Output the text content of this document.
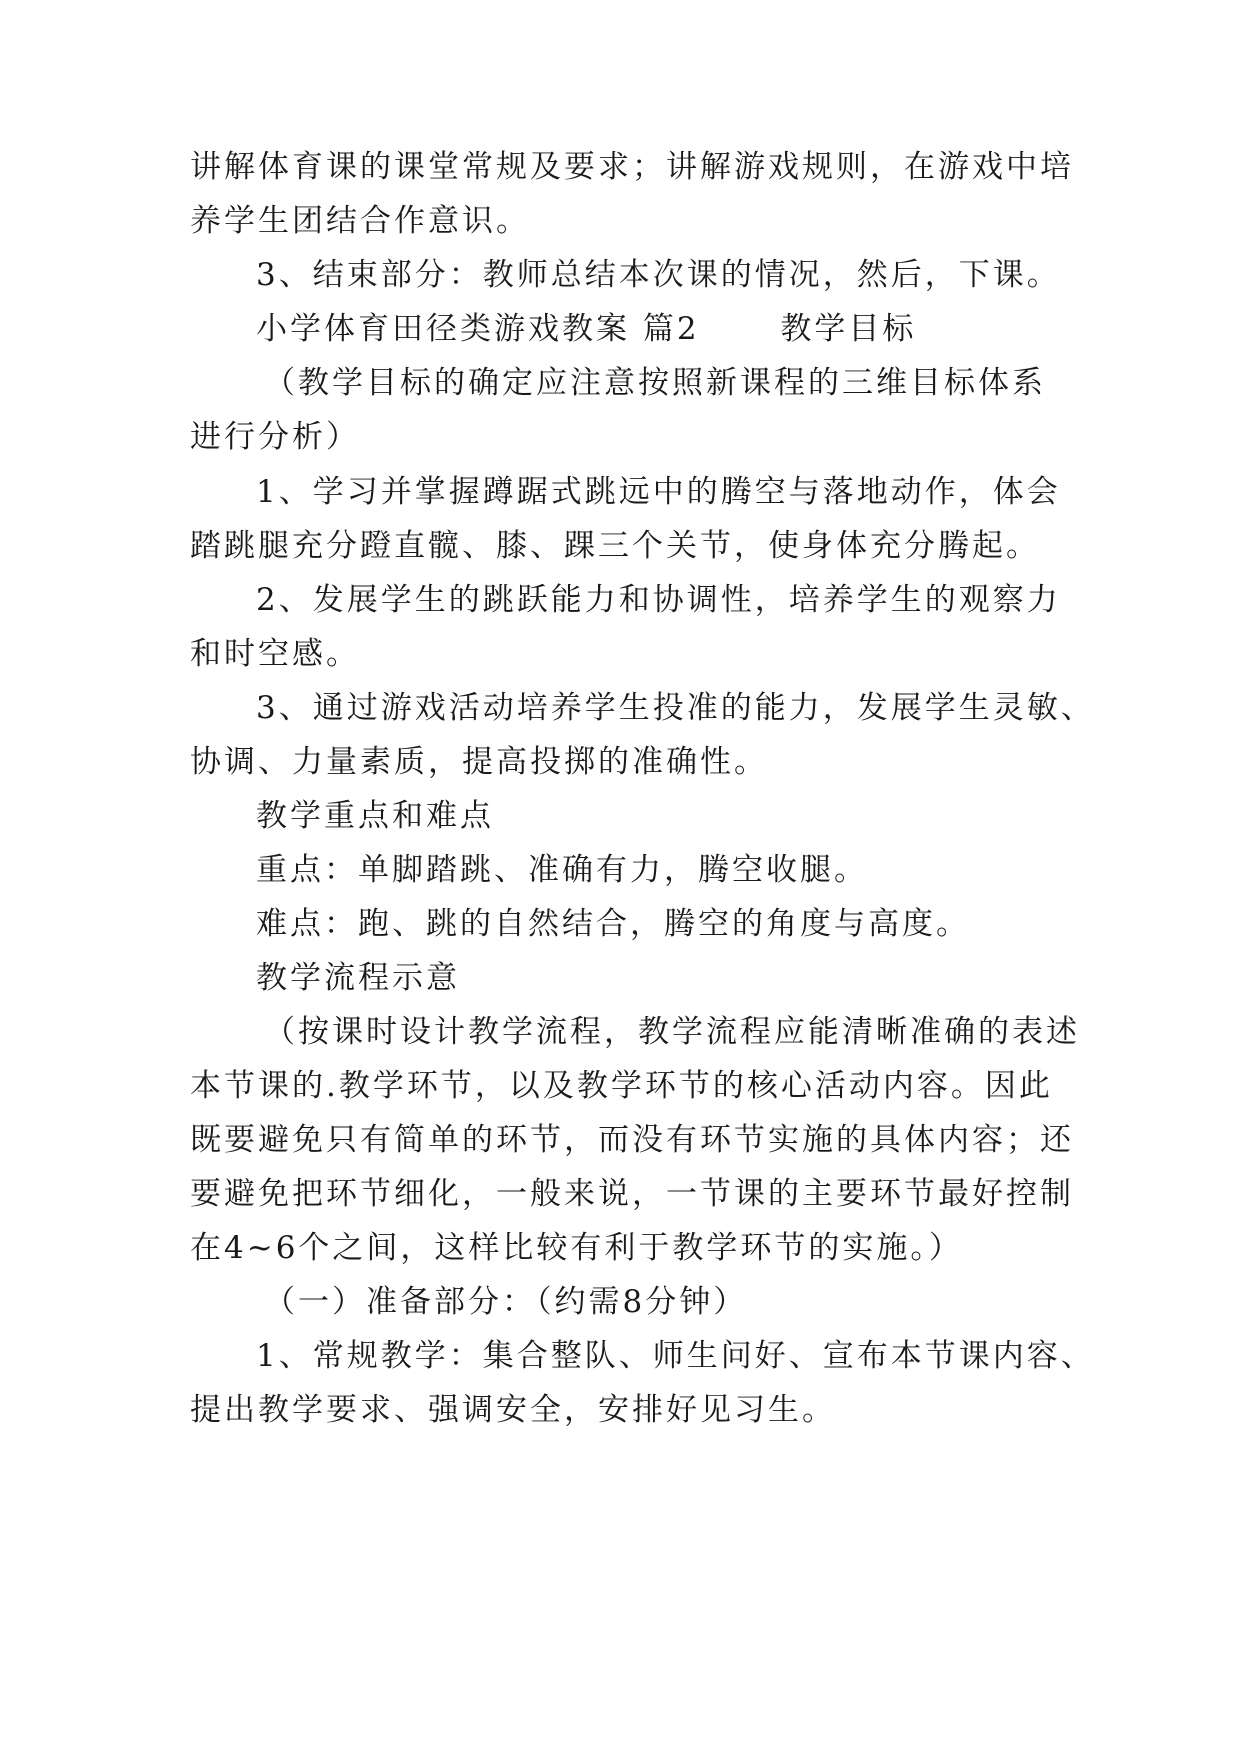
讲解体育课的课堂常规及要求；讲解游戏规则，在游戏中培
养学生团结合作意识。
3、结束部分：教师总结本次课的情况，然后，下课。
小学体育田径类游戏教案 篇2 　　教学目标
（教学目标的确定应注意按照新课程的三维目标体系
进行分析）
1、学习并掌握蹲踞式跳远中的腾空与落地动作，体会
踏跳腿充分蹬直髋、膝、踝三个关节，使身体充分腾起。
2、发展学生的跳跃能力和协调性，培养学生的观察力
和时空感。
3、通过游戏活动培养学生投准的能力，发展学生灵敏、
协调、力量素质，提高投掷的准确性。
教学重点和难点
重点：单脚踏跳、准确有力，腾空收腿。
难点：跑、跳的自然结合，腾空的角度与高度。
教学流程示意
（按课时设计教学流程，教学流程应能清晰准确的表述
本节课的.教学环节，以及教学环节的核心活动内容。因此
既要避免只有简单的环节，而没有环节实施的具体内容；还
要避免把环节细化，一般来说，一节课的主要环节最好控制
在4~6个之间，这样比较有利于教学环节的实施。）
（一）准备部分：（约需8分钟）
1、常规教学：集合整队、师生问好、宣布本节课内容、
提出教学要求、强调安全，安排好见习生。
